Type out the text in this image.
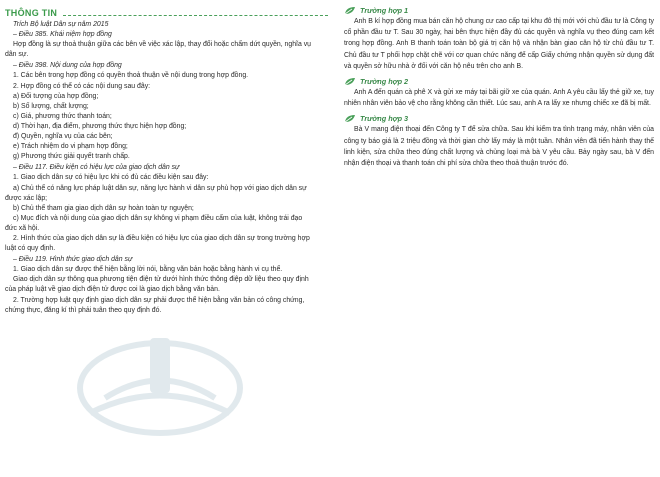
THÔNG TIN
Trích Bộ luật Dân sự năm 2015
– Điều 385. Khái niệm hợp đồng
Hợp đồng là sự thoả thuận giữa các bên về việc xác lập, thay đổi hoặc chấm dứt quyền, nghĩa vụ
dân sự.
– Điều 398. Nội dung của hợp đồng
1. Các bên trong hợp đồng có quyền thoả thuận về nội dung trong hợp đồng.
2. Hợp đồng có thể có các nội dung sau đây:
a) Đối tượng của hợp đồng;
b) Số lượng, chất lượng;
c) Giá, phương thức thanh toán;
d) Thời hạn, địa điểm, phương thức thực hiện hợp đồng;
đ) Quyền, nghĩa vụ của các bên;
e) Trách nhiệm do vi phạm hợp đồng;
g) Phương thức giải quyết tranh chấp.
– Điều 117. Điều kiện có hiệu lực của giao dịch dân sự
1. Giao dịch dân sự có hiệu lực khi có đủ các điều kiện sau đây:
a) Chủ thể có năng lực pháp luật dân sự, năng lực hành vi dân sự phù hợp với giao dịch dân sự
được xác lập;
b) Chủ thể tham gia giao dịch dân sự hoàn toàn tự nguyện;
c) Mục đích và nội dung của giao dịch dân sự không vi phạm điều cấm của luật, không trái đạo
đức xã hội.
2. Hình thức của giao dịch dân sự là điều kiện có hiệu lực của giao dịch dân sự trong trường hợp
luật có quy định.
– Điều 119. Hình thức giao dịch dân sự
1. Giao dịch dân sự được thể hiện bằng lời nói, bằng văn bản hoặc bằng hành vi cụ thể.
Giao dịch dân sự thông qua phương tiện điện tử dưới hình thức thông điệp dữ liệu theo quy định
của pháp luật về giao dịch điện tử được coi là giao dịch bằng văn bản.
2. Trường hợp luật quy định giao dịch dân sự phải được thể hiện bằng văn bản có công chứng,
chứng thực, đăng kí thì phải tuân theo quy định đó.
Trường hợp 1
Anh B kí hợp đồng mua bán căn hộ chung cư cao cấp tại khu đô thị mới với chủ đầu tư là Công ty cổ phần đầu tư T. Sau 30 ngày, hai bên thực hiện đầy đủ các quyền và nghĩa vụ theo đúng cam kết trong hợp đồng. Anh B thanh toán toàn bộ giá trị căn hộ và nhận bàn giao căn hộ từ chủ đầu tư T. Chủ đầu tư T phối hợp chặt chẽ với cơ quan chức năng để cấp Giấy chứng nhận quyền sử dụng đất và quyền sở hữu nhà ở đối với căn hộ nêu trên cho anh B.
Trường hợp 2
Anh A đến quán cà phê X và gửi xe máy tại bãi giữ xe của quán. Anh A yêu cầu lấy thẻ giữ xe, tuy nhiên nhân viên bảo vệ cho rằng không cần thiết. Lúc sau, anh A ra lấy xe nhưng chiếc xe đã bị mất.
Trường hợp 3
Bà V mang điện thoại đến Công ty T để sửa chữa. Sau khi kiểm tra tình trạng máy, nhân viên của công ty báo giá là 2 triệu đồng và thời gian chờ lấy máy là một tuần. Nhân viên đã tiến hành thay thế linh kiện, sửa chữa theo đúng chất lượng và chủng loại mà bà V yêu cầu. Bảy ngày sau, bà V đến nhận điện thoại và thanh toán chi phí sửa chữa theo thoả thuận trước đó.
